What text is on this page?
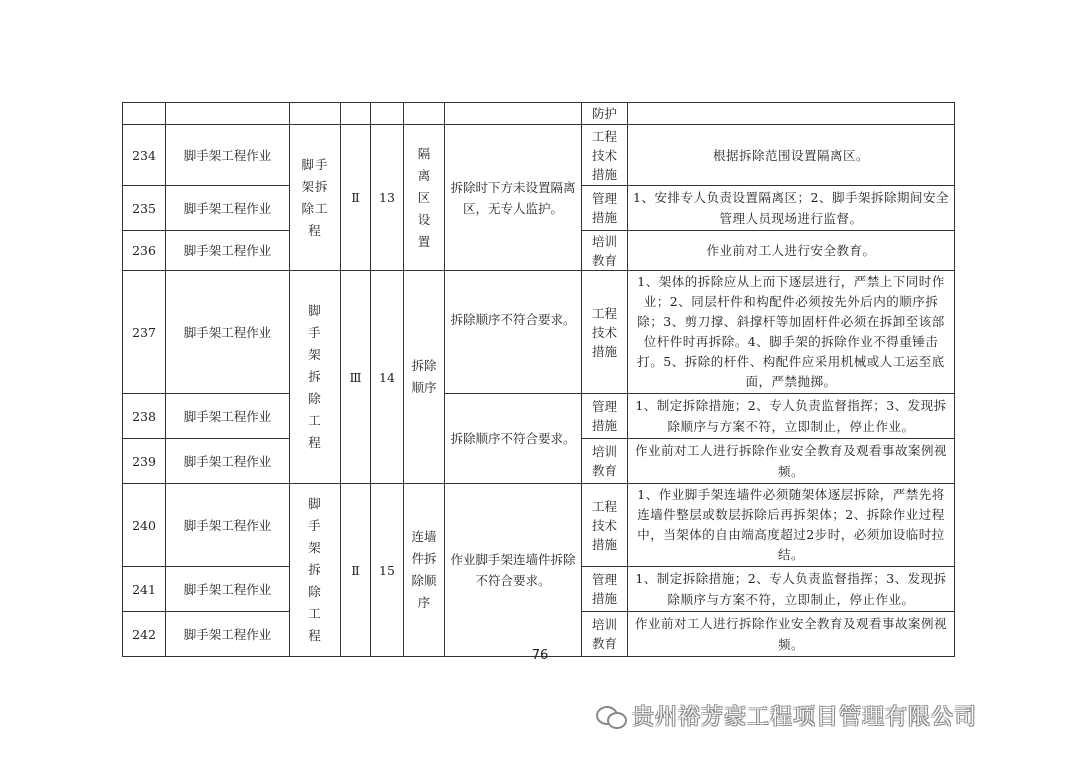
							防护	
234	脚手架工程作业	脚手架拆除工程	Ⅱ	13	隔离区设置	拆除时下方未设置隔离区，无专人监护。	工程技术措施	根据拆除范围设置隔离区。
235	脚手架工程作业						管理措施	1、安排专人负责设置隔离区；2、脚手架拆除期间安全管理人员现场进行监督。
236	脚手架工程作业						培训教育	作业前对工人进行安全教育。
237	脚手架工程作业	脚手架拆除工程	Ⅲ	14	拆除顺序	拆除顺序不符合要求。	工程技术措施	1、架体的拆除应从上而下逐层进行，严禁上下同时作业；2、同层杆件和构配件必须按先外后内的顺序拆除；3、剪刀撑、斜撑杆等加固杆件必须在拆卸至该部位杆件时再拆除。4、脚手架的拆除作业不得重锤击打。5、拆除的杆件、构配件应采用机械或人工运至底面，严禁抛掷。
238	脚手架工程作业					拆除顺序不符合要求。	管理措施	1、制定拆除措施；2、专人负责监督指挥；3、发现拆除顺序与方案不符，立即制止，停止作业。
239	脚手架工程作业						培训教育	作业前对工人进行拆除作业安全教育及观看事故案例视频。
240	脚手架工程作业	脚手架拆除工程	Ⅱ	15	连墙件拆除顺序	作业脚手架连墙件拆除不符合要求。	工程技术措施	1、作业脚手架连墙件必须随架体逐层拆除，严禁先将连墙件整层或数层拆除后再拆架体；2、拆除作业过程中，当架体的自由端高度超过2步时，必须加设临时拉结。
241	脚手架工程作业						管理措施	1、制定拆除措施；2、专人负责监督指挥；3、发现拆除顺序与方案不符，立即制止，停止作业。
242	脚手架工程作业						培训教育	作业前对工人进行拆除作业安全教育及观看事故案例视频。
76
贵州裕芳豪工程项目管理有限公司
